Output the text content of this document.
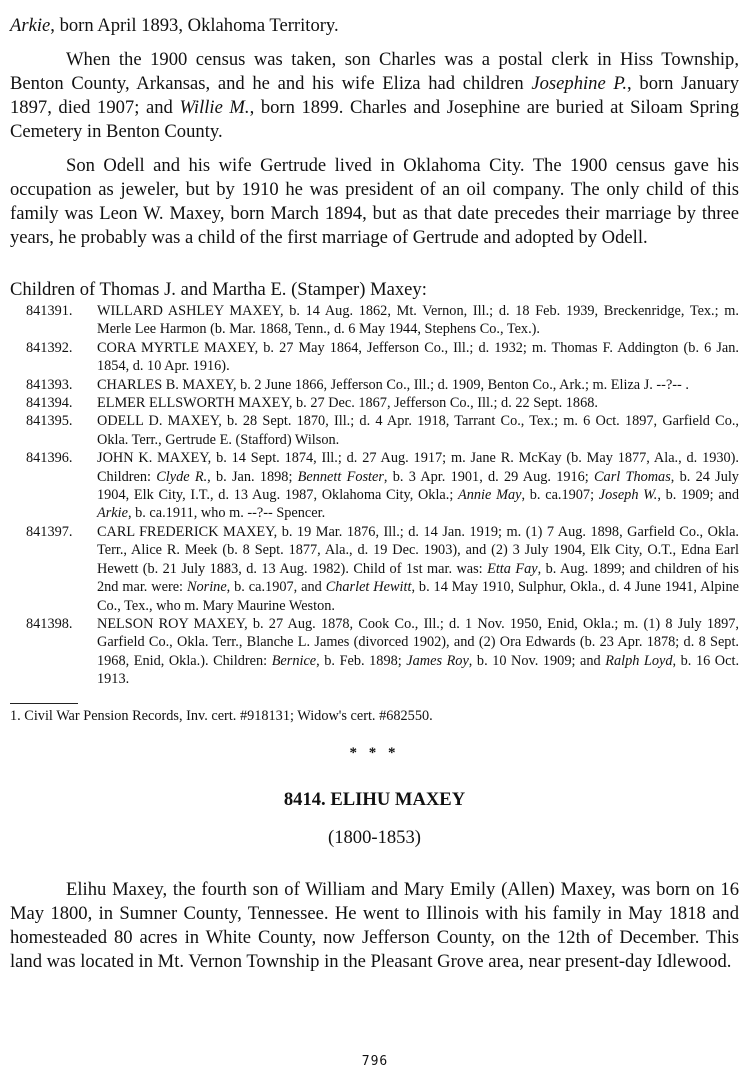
Arkie, born April 1893, Oklahoma Territory.

When the 1900 census was taken, son Charles was a postal clerk in Hiss Township, Benton County, Arkansas, and he and his wife Eliza had children Josephine P., born January 1897, died 1907; and Willie M., born 1899. Charles and Josephine are buried at Siloam Spring Cemetery in Benton County.

Son Odell and his wife Gertrude lived in Oklahoma City. The 1900 census gave his occupation as jeweler, but by 1910 he was president of an oil company. The only child of this family was Leon W. Maxey, born March 1894, but as that date precedes their marriage by three years, he probably was a child of the first marriage of Gertrude and adopted by Odell.

Children of Thomas J. and Martha E. (Stamper) Maxey:

841391.	WILLARD ASHLEY MAXEY, b. 14 Aug. 1862, Mt. Vernon, Ill.; d. 18 Feb. 1939, Breckenridge, Tex.; m. Merle Lee Harmon (b. Mar. 1868, Tenn., d. 6 May 1944, Stephens Co., Tex.).
841392.	CORA MYRTLE MAXEY, b. 27 May 1864, Jefferson Co., Ill.; d. 1932; m. Thomas F. Addington (b. 6 Jan. 1854, d. 10 Apr. 1916).
841393.	CHARLES B. MAXEY, b. 2 June 1866, Jefferson Co., Ill.; d. 1909, Benton Co., Ark.; m. Eliza J. --?-- .
841394.	ELMER ELLSWORTH MAXEY, b. 27 Dec. 1867, Jefferson Co., Ill.; d. 22 Sept. 1868.
841395.	ODELL D. MAXEY, b. 28 Sept. 1870, Ill.; d. 4 Apr. 1918, Tarrant Co., Tex.; m. 6 Oct. 1897, Garfield Co., Okla. Terr., Gertrude E. (Stafford) Wilson.
841396.	JOHN K. MAXEY, b. 14 Sept. 1874, Ill.; d. 27 Aug. 1917; m. Jane R. McKay (b. May 1877, Ala., d. 1930). Children: Clyde R., b. Jan. 1898; Bennett Foster, b. 3 Apr. 1901, d. 29 Aug. 1916; Carl Thomas, b. 24 July 1904, Elk City, I.T., d. 13 Aug. 1987, Oklahoma City, Okla.; Annie May, b. ca.1907; Joseph W., b. 1909; and Arkie, b. ca.1911, who m. --?-- Spencer.
841397.	CARL FREDERICK MAXEY, b. 19 Mar. 1876, Ill.; d. 14 Jan. 1919; m. (1) 7 Aug. 1898, Garfield Co., Okla. Terr., Alice R. Meek (b. 8 Sept. 1877, Ala., d. 19 Dec. 1903), and (2) 3 July 1904, Elk City, O.T., Edna Earl Hewett (b. 21 July 1883, d. 13 Aug. 1982). Child of 1st mar. was: Etta Fay, b. Aug. 1899; and children of his 2nd mar. were: Norine, b. ca.1907, and Charlet Hewitt, b. 14 May 1910, Sulphur, Okla., d. 4 June 1941, Alpine Co., Tex., who m. Mary Maurine Weston.
841398.	NELSON ROY MAXEY, b. 27 Aug. 1878, Cook Co., Ill.; d. 1 Nov. 1950, Enid, Okla.; m. (1) 8 July 1897, Garfield Co., Okla. Terr., Blanche L. James (divorced 1902), and (2) Ora Edwards (b. 23 Apr. 1878; d. 8 Sept. 1968, Enid, Okla.). Children: Bernice, b. Feb. 1898; James Roy, b. 10 Nov. 1909; and Ralph Loyd, b. 16 Oct. 1913.

1. Civil War Pension Records, Inv. cert. #918131; Widow's cert. #682550.

* * *

8414. ELIHU MAXEY

(1800-1853)

Elihu Maxey, the fourth son of William and Mary Emily (Allen) Maxey, was born on 16 May 1800, in Sumner County, Tennessee. He went to Illinois with his family in May 1818 and homesteaded 80 acres in White County, now Jefferson County, on the 12th of December. This land was located in Mt. Vernon Township in the Pleasant Grove area, near present-day Idlewood.

796
